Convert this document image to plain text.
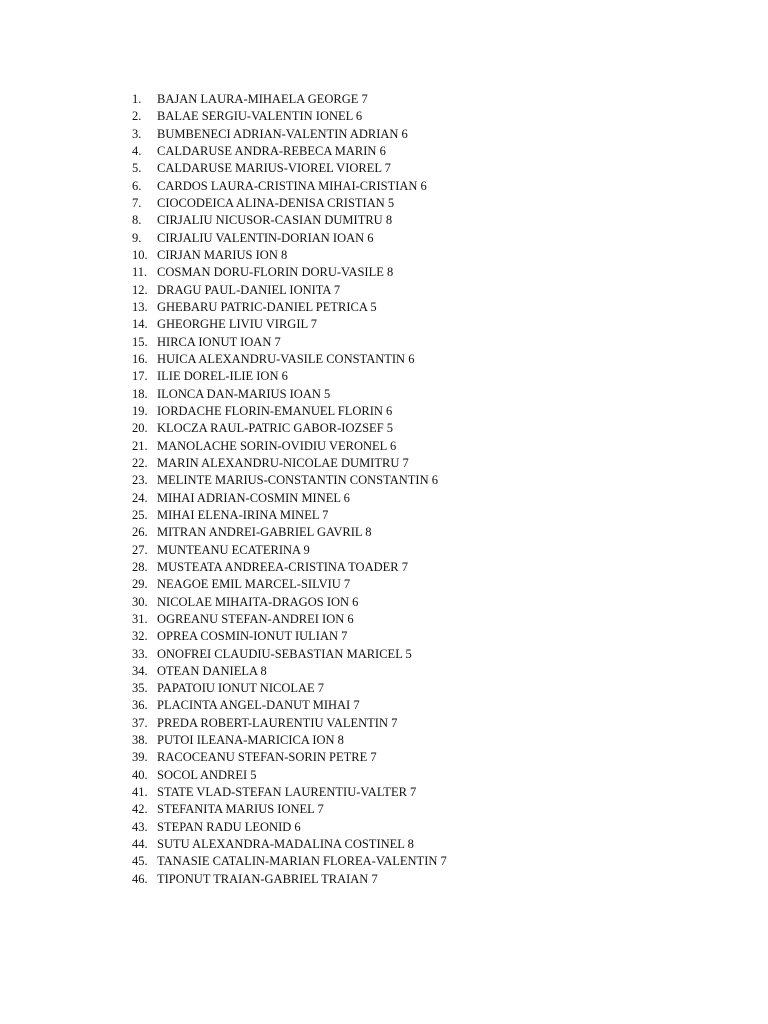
1.	BAJAN LAURA-MIHAELA GEORGE 7
2.	BALAE SERGIU-VALENTIN IONEL 6
3.	BUMBENECI ADRIAN-VALENTIN ADRIAN 6
4.	CALDARUSE ANDRA-REBECA MARIN 6
5.	CALDARUSE MARIUS-VIOREL VIOREL 7
6.	CARDOS LAURA-CRISTINA MIHAI-CRISTIAN 6
7.	CIOCODEICA ALINA-DENISA CRISTIAN 5
8.	CIRJALIU NICUSOR-CASIAN DUMITRU 8
9.	CIRJALIU VALENTIN-DORIAN IOAN 6
10. CIRJAN MARIUS ION 8
11. COSMAN DORU-FLORIN DORU-VASILE 8
12. DRAGU PAUL-DANIEL IONITA 7
13. GHEBARU PATRIC-DANIEL PETRICA 5
14. GHEORGHE LIVIU VIRGIL 7
15. HIRCA IONUT IOAN 7
16. HUICA ALEXANDRU-VASILE CONSTANTIN 6
17. ILIE DOREL-ILIE ION 6
18. ILONCA DAN-MARIUS IOAN 5
19. IORDACHE FLORIN-EMANUEL FLORIN 6
20. KLOCZA RAUL-PATRIC GABOR-IOZSEF 5
21. MANOLACHE SORIN-OVIDIU VERONEL 6
22. MARIN ALEXANDRU-NICOLAE DUMITRU 7
23. MELINTE MARIUS-CONSTANTIN CONSTANTIN 6
24. MIHAI ADRIAN-COSMIN MINEL 6
25. MIHAI ELENA-IRINA MINEL 7
26. MITRAN ANDREI-GABRIEL GAVRIL 8
27. MUNTEANU ECATERINA 9
28. MUSTEATA ANDREEA-CRISTINA TOADER 7
29. NEAGOE EMIL MARCEL-SILVIU 7
30. NICOLAE MIHAITA-DRAGOS ION 6
31. OGREANU STEFAN-ANDREI ION 6
32. OPREA COSMIN-IONUT IULIAN 7
33. ONOFREI CLAUDIU-SEBASTIAN MARICEL 5
34. OTEAN DANIELA 8
35. PAPATOIU IONUT NICOLAE 7
36. PLACINTA ANGEL-DANUT MIHAI 7
37. PREDA ROBERT-LAURENTIU VALENTIN 7
38. PUTOI ILEANA-MARICICA ION 8
39. RACOCEANU STEFAN-SORIN PETRE 7
40. SOCOL ANDREI 5
41. STATE VLAD-STEFAN LAURENTIU-VALTER 7
42. STEFANITA MARIUS IONEL 7
43. STEPAN RADU LEONID 6
44. SUTU ALEXANDRA-MADALINA COSTINEL 8
45. TANASIE CATALIN-MARIAN FLOREA-VALENTIN 7
46. TIPONUT TRAIAN-GABRIEL TRAIAN 7
